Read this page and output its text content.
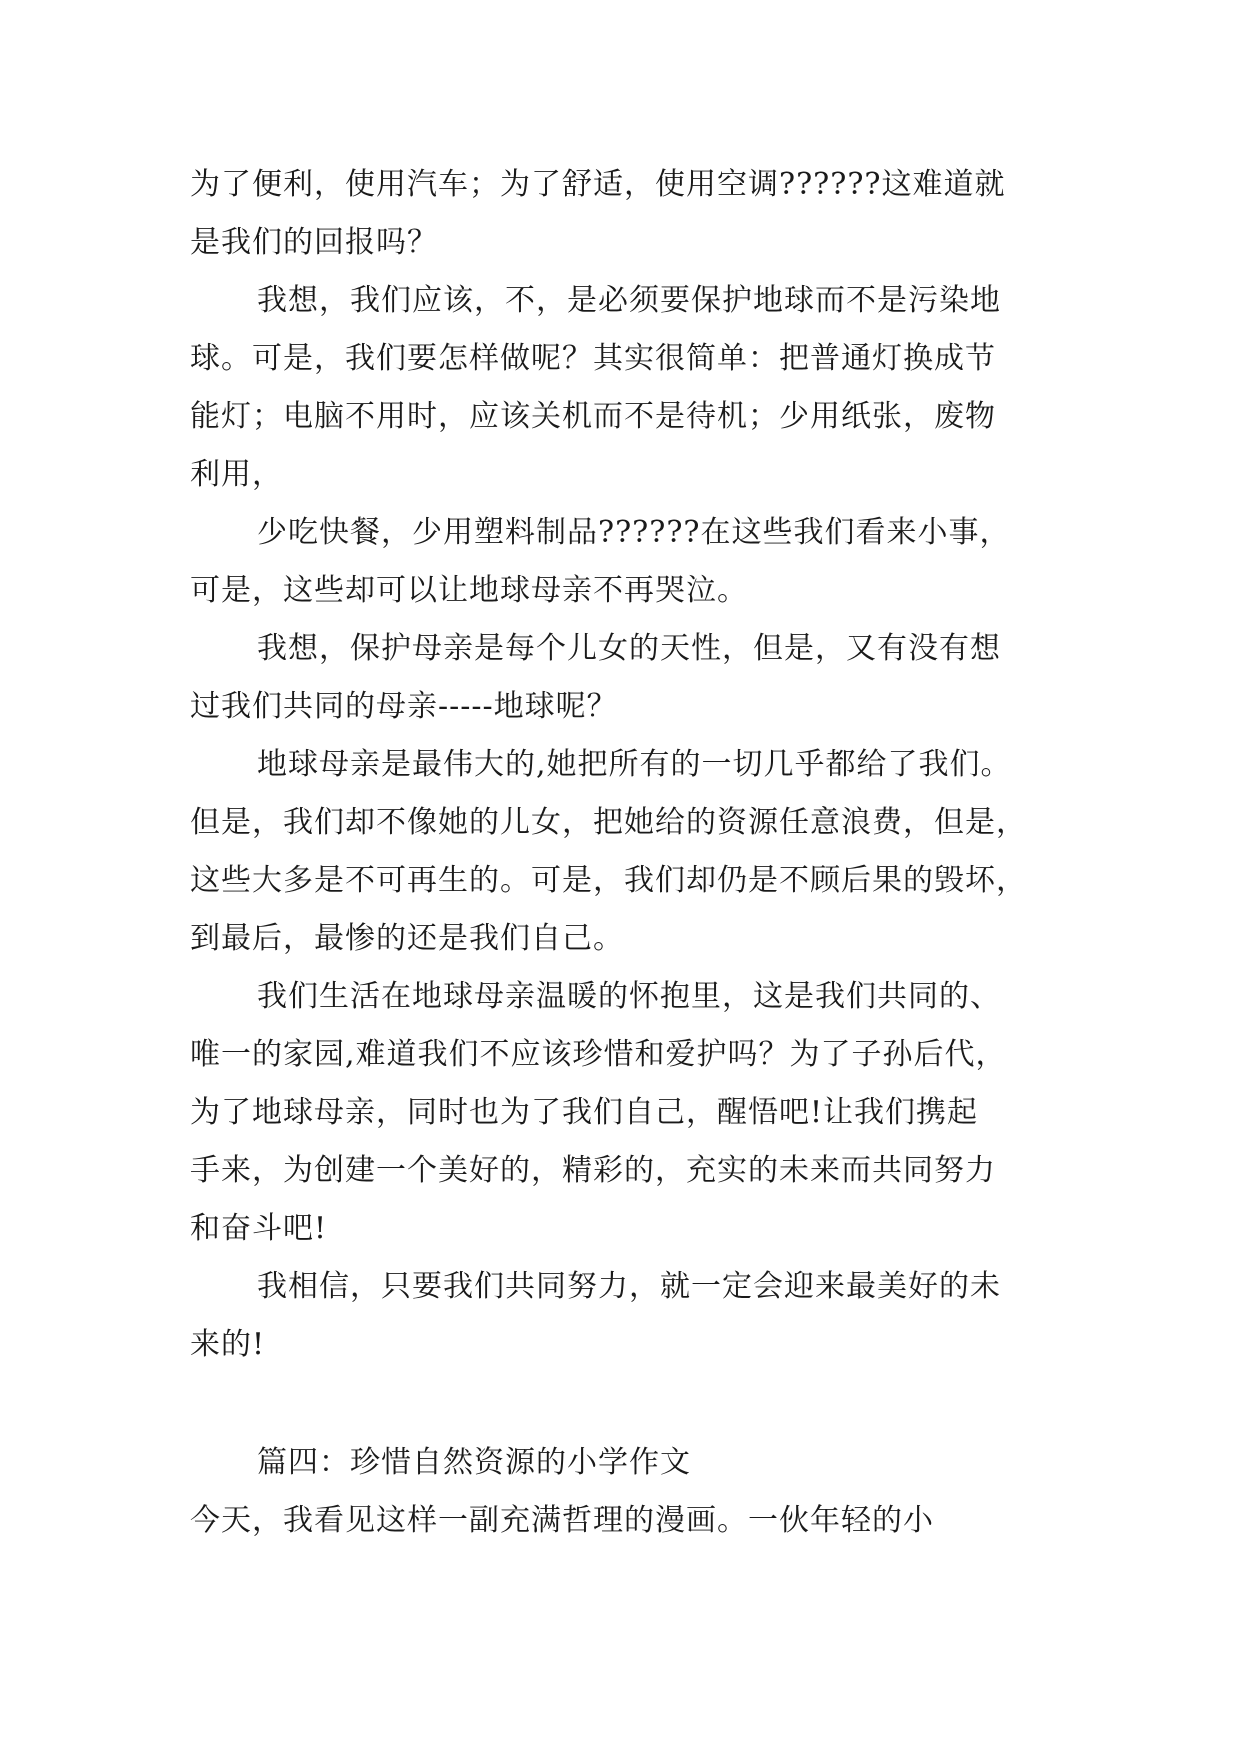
为了便利，使用汽车；为了舒适，使用空调??????这难道就
是我们的回报吗？
我想，我们应该，不，是必须要保护地球而不是污染地
球。可是，我们要怎样做呢？其实很简单：把普通灯换成节
能灯；电脑不用时，应该关机而不是待机；少用纸张，废物
利用，
少吃快餐，少用塑料制品??????在这些我们看来小事，
可是，这些却可以让地球母亲不再哭泣。
我想，保护母亲是每个儿女的天性，但是，又有没有想
过我们共同的母亲-----地球呢？
地球母亲是最伟大的,她把所有的一切几乎都给了我们。
但是，我们却不像她的儿女，把她给的资源任意浪费，但是，
这些大多是不可再生的。可是，我们却仍是不顾后果的毁坏，
到最后，最惨的还是我们自己。
我们生活在地球母亲温暖的怀抱里，这是我们共同的、
唯一的家园,难道我们不应该珍惜和爱护吗？为了子孙后代，
为了地球母亲，同时也为了我们自己，醒悟吧!让我们携起
手来，为创建一个美好的，精彩的，充实的未来而共同努力
和奋斗吧!
我相信，只要我们共同努力，就一定会迎来最美好的未
来的!
篇四：珍惜自然资源的小学作文
今天，我看见这样一副充满哲理的漫画。一伙年轻的小
